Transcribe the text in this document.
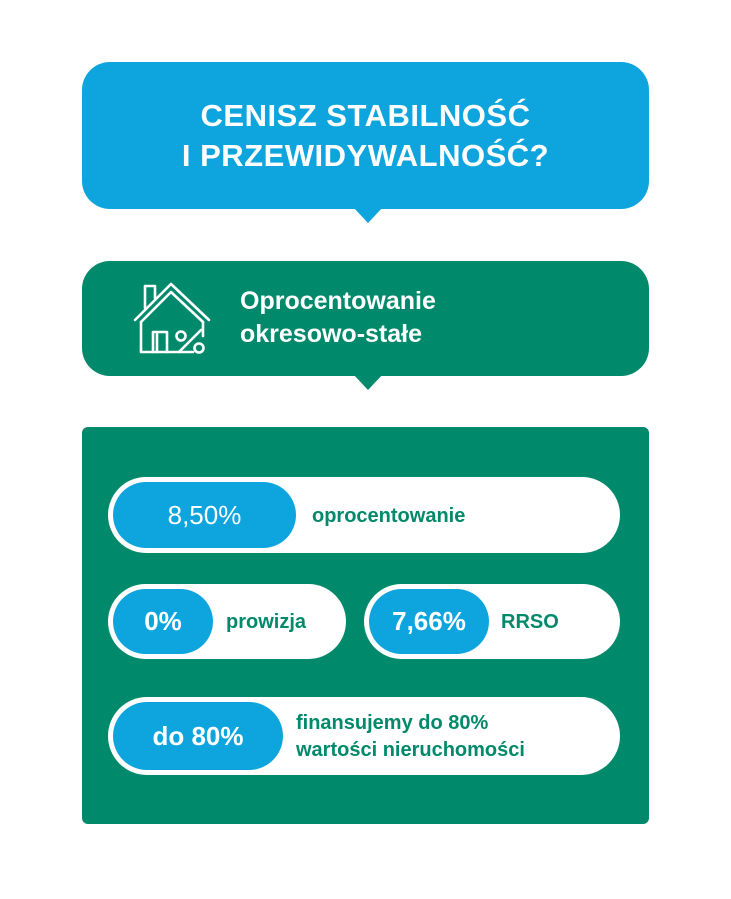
CENISZ STABILNOŚĆ
I PRZEWIDYWALNOŚĆ?
Oprocentowanie
okresowo-stałe
8,50%	oprocentowanie
0%	prowizja	7,66%	RRSO
do 80%	finansujemy do 80%
wartości nieruchomości
